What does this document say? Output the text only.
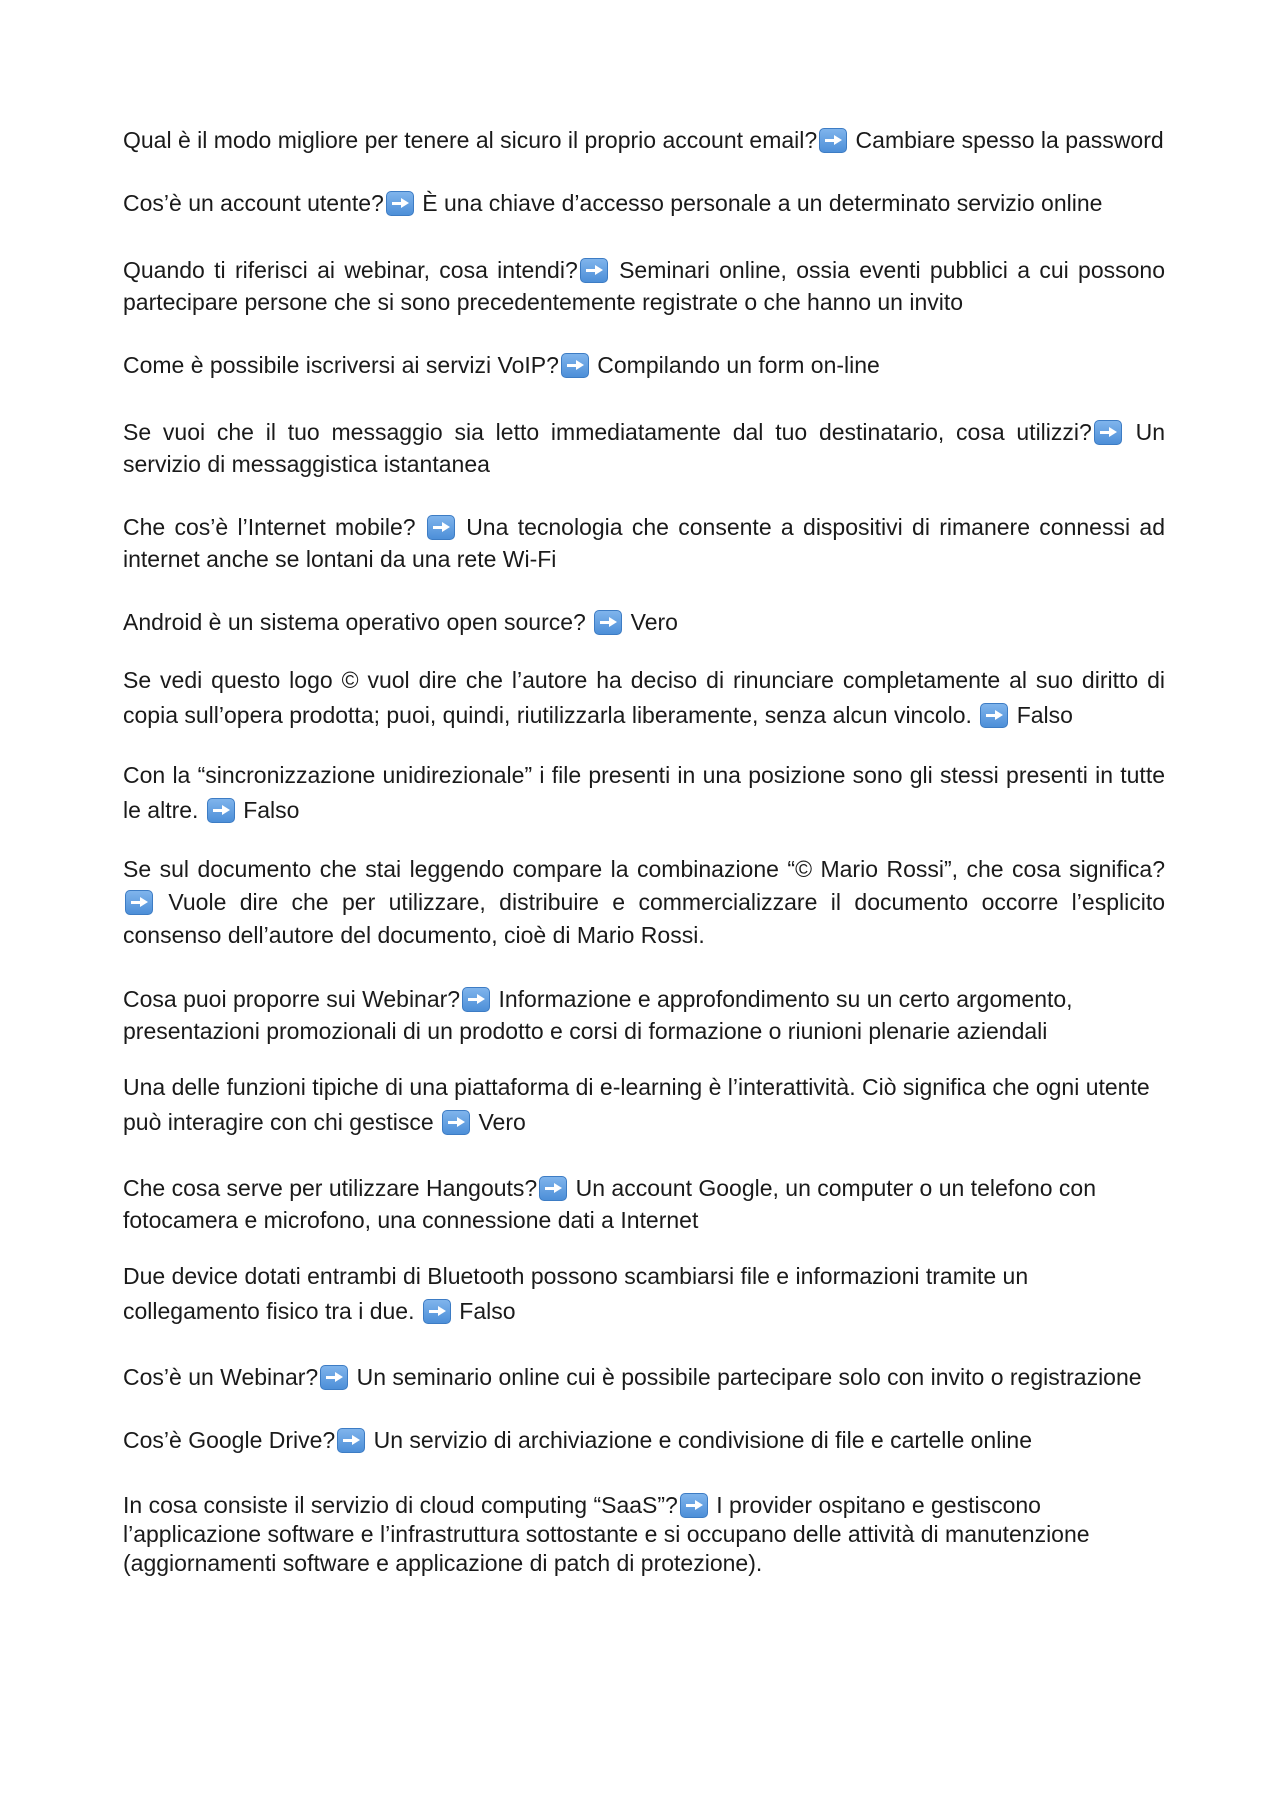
Qual è il modo migliore per tenere al sicuro il proprio account email? Cambiare spesso la password

Cos’è un account utente? È una chiave d’accesso personale a un determinato servizio online

Quando ti riferisci ai webinar, cosa intendi? Seminari online, ossia eventi pubblici a cui possono partecipare persone che si sono precedentemente registrate o che hanno un invito

Come è possibile iscriversi ai servizi VoIP? Compilando un form on-line

Se vuoi che il tuo messaggio sia letto immediatamente dal tuo destinatario, cosa utilizzi? Un servizio di messaggistica istantanea

Che cos’è l’Internet mobile?  Una tecnologia che consente a dispositivi di rimanere connessi ad internet anche se lontani da una rete Wi-Fi

Android è un sistema operativo open source?  Vero

Se vedi questo logo © vuol dire che l’autore ha deciso di rinunciare completamente al suo diritto di copia sull’opera prodotta; puoi, quindi, riutilizzarla liberamente, senza alcun vincolo.  Falso

Con la “sincronizzazione unidirezionale” i file presenti in una posizione sono gli stessi presenti in tutte le altre.  Falso

Se sul documento che stai leggendo compare la combinazione “© Mario Rossi”, che cosa significa? Vuole dire che per utilizzare, distribuire e commercializzare il documento occorre l’esplicito consenso dell’autore del documento, cioè di Mario Rossi.

Cosa puoi proporre sui Webinar? Informazione e approfondimento su un certo argomento, presentazioni promozionali di un prodotto e corsi di formazione o riunioni plenarie aziendali

Una delle funzioni tipiche di una piattaforma di e-learning è l’interattività. Ciò significa che ogni utente può interagire con chi gestisce  Vero

Che cosa serve per utilizzare Hangouts? Un account Google, un computer o un telefono con fotocamera e microfono, una connessione dati a Internet

Due device dotati entrambi di Bluetooth possono scambiarsi file e informazioni tramite un collegamento fisico tra i due.  Falso

Cos’è un Webinar? Un seminario online cui è possibile partecipare solo con invito o registrazione

Cos’è Google Drive? Un servizio di archiviazione e condivisione di file e cartelle online

In cosa consiste il servizio di cloud computing “SaaS”? I provider ospitano e gestiscono l’applicazione software e l’infrastruttura sottostante e si occupano delle attività di manutenzione (aggiornamenti software e applicazione di patch di protezione).
